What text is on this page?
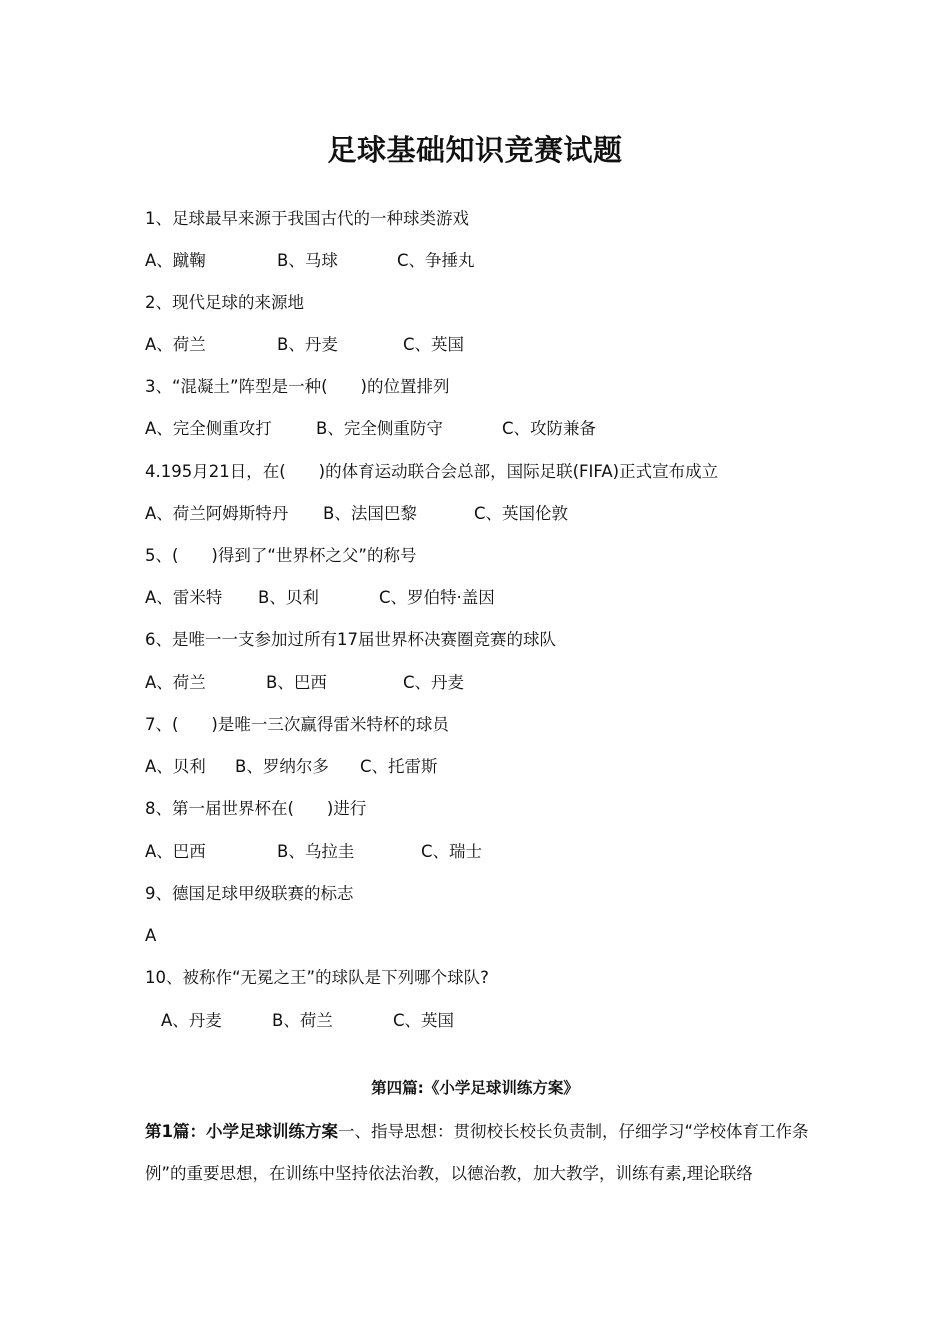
足球基础知识竞赛试题
1、足球最早来源于我国古代的一种球类游戏
A、蹴鞠	B、马球	C、争捶丸
2、现代足球的来源地
A、荷兰	B、丹麦	C、英国
3、“混凝土”阵型是一种(　　)的位置排列
A、完全侧重攻打	B、完全侧重防守	C、攻防兼备
4.195月21日，在(　　)的体育运动联合会总部，国际足联(FIFA)正式宣布成立
A、荷兰阿姆斯特丹 B、法国巴黎	C、英国伦敦
5、(　　)得到了“世界杯之父”的称号
A、雷米特 B、贝利	C、罗伯特·盖因
6、是唯一一支参加过所有17届世界杯决赛圈竞赛的球队
A、荷兰	B、巴西	C、丹麦
7、(　　)是唯一三次赢得雷米特杯的球员
A、贝利 B、罗纳尔多 C、托雷斯
8、第一届世界杯在(　　)进行
A、巴西	B、乌拉圭	C、瑞士
9、德国足球甲级联赛的标志
A
10、被称作“无冕之王”的球队是下列哪个球队?
A、丹麦	B、荷兰	C、英国
第四篇:《小学足球训练方案》
第1篇：小学足球训练方案一、指导思想：贯彻校长校长负责制，仔细学习“学校体育工作条例”的重要思想，在训练中坚持依法治教，以德治教，加大教学，训练有素,理论联络
